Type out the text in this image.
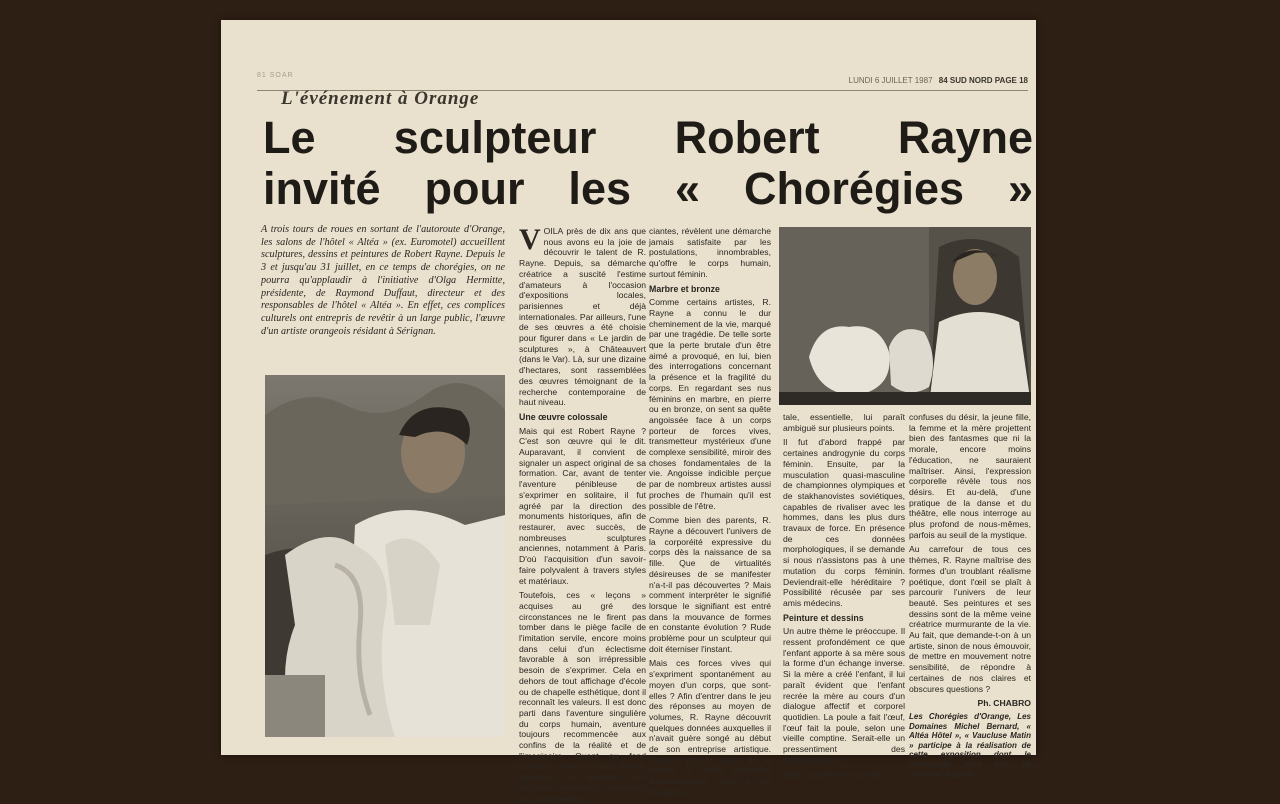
81 SOAR
LUNDI 6 JUILLET 1987 84 SUD NORD PAGE 18
L'événement à Orange
Le sculpteur Robert Rayne
invité pour les « Chorégies »

A trois tours de roues en sortant de l'autoroute d'Orange, les salons de l'hôtel « Altéa » (ex. Euromotel) accueillent sculptures, dessins et peintures de Robert Rayne. Depuis le 3 et jusqu'au 31 juillet, en ce temps de chorégies, on ne pourra qu'applaudir à l'initiative d'Olga Hermitte, présidente, de Raymond Duffaut, directeur et des responsables de l'hôtel « Altéa ». En effet, ces complices culturels ont entrepris de revêtir à un large public, l'œuvre d'un artiste orangeois résidant à Sérignan.

VOILA près de dix ans que nous avons eu la joie de découvrir le talent de R. Rayne. Depuis, sa démarche créatrice a suscité l'estime d'amateurs à l'occasion d'expositions locales, parisiennes et déjà internationales. Par ailleurs, l'une de ses œuvres a été choisie pour figurer dans « Le jardin de sculptures », à Châteauvert (dans le Var). Là, sur une dizaine d'hectares, sont rassemblées des œuvres témoignant de la recherche contemporaine de haut niveau.

Une œuvre colossale

Mais qui est Robert Rayne ? C'est son œuvre qui le dit. Auparavant, il convient de signaler un aspect original de sa formation. Car, avant de tenter l'aventure pénibleuse de s'exprimer en solitaire, il fut agréé par la direction des monuments historiques, afin de restaurer, avec succès, de nombreuses sculptures anciennes, notamment à Paris. D'où l'acquisition d'un savoir-faire polyvalent à travers styles et matériaux.

Toutefois, ces « leçons » acquises au gré des circonstances ne le firent pas tomber dans le piège facile de l'imitation servile, encore moins dans celui d'un éclectisme favorable à son irrépressible besoin de s'exprimer. Cela en dehors de tout affichage d'école ou de chapelle esthétique, dont il reconnaît les valeurs. Il est donc parti dans l'aventure singulière du corps humain, aventure toujours recommencée aux confins de la réalité et de l'imaginaire. Quant au fond motivant, telle ou telle forme, figurative ou abstraite, ses narrations plastiques, volontaires ou inconscientes,

ciantes, révèlent une démarche jamais satisfaite par les postulations, innombrables, qu'offre le corps humain, surtout féminin.

Marbre et bronze

Comme certains artistes, R. Rayne a connu le dur cheminement de la vie, marqué par une tragédie. De telle sorte que la perte brutale d'un être aimé a provoqué, en lui, bien des interrogations concernant la présence et la fragilité du corps. En regardant ses nus féminins en marbre, en pierre ou en bronze, on sent sa quête angoissée face à un corps porteur de forces vives, transmetteur mystérieux d'une complexe sensibilité, miroir des choses fondamentales de la vie. Angoisse indicible perçue par de nombreux artistes aussi proches de l'humain qu'il est possible de l'être.

Comme bien des parents, R. Rayne a découvert l'univers de la corporéité expressive du corps dès la naissance de sa fille. Que de virtualités désireuses de se manifester n'a-t-il pas découvertes ? Mais comment interpréter le signifié lorsque le signifiant est entré dans la mouvance de formes en constante évolution ? Rude problème pour un sculpteur qui doit éterniser l'instant.

Mais ces forces vives qui s'expriment spontanément au moyen d'un corps, que sont-elles ? Afin d'entrer dans le jeu des réponses au moyen de volumes, R. Rayne découvrit quelques données auxquelles il n'avait guère songé au début de son entreprise artistique. Fasciné par le corps de la femme, il devint prisonnier d'interrogations, dont la clef fondamen-

tale, essentielle, lui paraît ambiguë sur plusieurs points.

Il fut d'abord frappé par certaines androgynie du corps féminin. Ensuite, par la musculation quasi-masculine de championnes olympiques et de stakhanovistes soviétiques, capables de rivaliser avec les hommes, dans les plus durs travaux de force. En présence de ces données morphologiques, il se demande si nous n'assistons pas à une mutation du corps féminin. Deviendrait-elle héréditaire ? Possibilité récusée par ses amis médecins.

Peinture et dessins

Un autre thème le préoccupe. Il ressent profondément ce que l'enfant apporte à sa mère sous la forme d'un échange inverse. Si la mère a créé l'enfant, il lui paraît évident que l'enfant recrée la mère au cours d'un dialogue affectif et corporel quotidien. La poule a fait l'œuf, l'œuf fait la poule, selon une vieille comptine. Serait-elle un pressentiment des psychanalyse ?

Enfin, au gré des sources

confuses du désir, la jeune fille, la femme et la mère projettent bien des fantasmes que ni la morale, encore moins l'éducation, ne sauraient maîtriser. Ainsi, l'expression corporelle révèle tous nos désirs. Et au-delà, d'une pratique de la danse et du théâtre, elle nous interroge au plus profond de nous-mêmes, parfois au seuil de la mystique.

Au carrefour de tous ces thèmes, R. Rayne maîtrise des formes d'un troublant réalisme poétique, dont l'œil se plaît à parcourir l'univers de leur beauté. Ses peintures et ses dessins sont de la même veine créatrice murmurante de la vie. Au fait, que demande-t-on à un artiste, sinon de nous émouvoir, de mettre en mouvement notre sensibilité, de répondre à certaines de nos claires et obscures questions ?

Ph. CHABRO

Les Chorégies d'Orange, Les Domaines Michel Bernard, « Altéa Hôtel », « Vaucluse Matin » participe à la réalisation de cette exposition dont le vernissage aura lieu ce mercredi 8 juillet.
